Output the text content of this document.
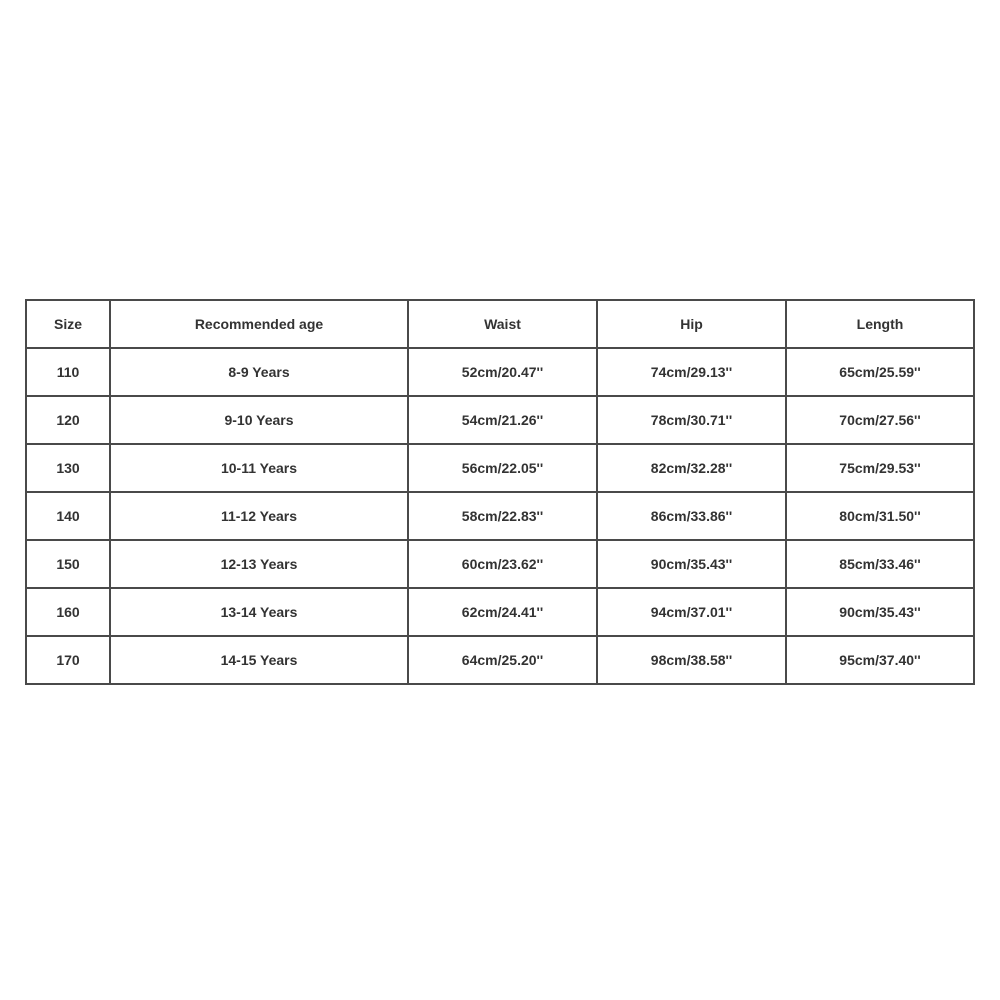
Size	Recommended age	Waist	Hip	Length
110	8-9 Years	52cm/20.47''	74cm/29.13''	65cm/25.59''
120	9-10 Years	54cm/21.26''	78cm/30.71''	70cm/27.56''
130	10-11 Years	56cm/22.05''	82cm/32.28''	75cm/29.53''
140	11-12 Years	58cm/22.83''	86cm/33.86''	80cm/31.50''
150	12-13 Years	60cm/23.62''	90cm/35.43''	85cm/33.46''
160	13-14 Years	62cm/24.41''	94cm/37.01''	90cm/35.43''
170	14-15 Years	64cm/25.20''	98cm/38.58''	95cm/37.40''
